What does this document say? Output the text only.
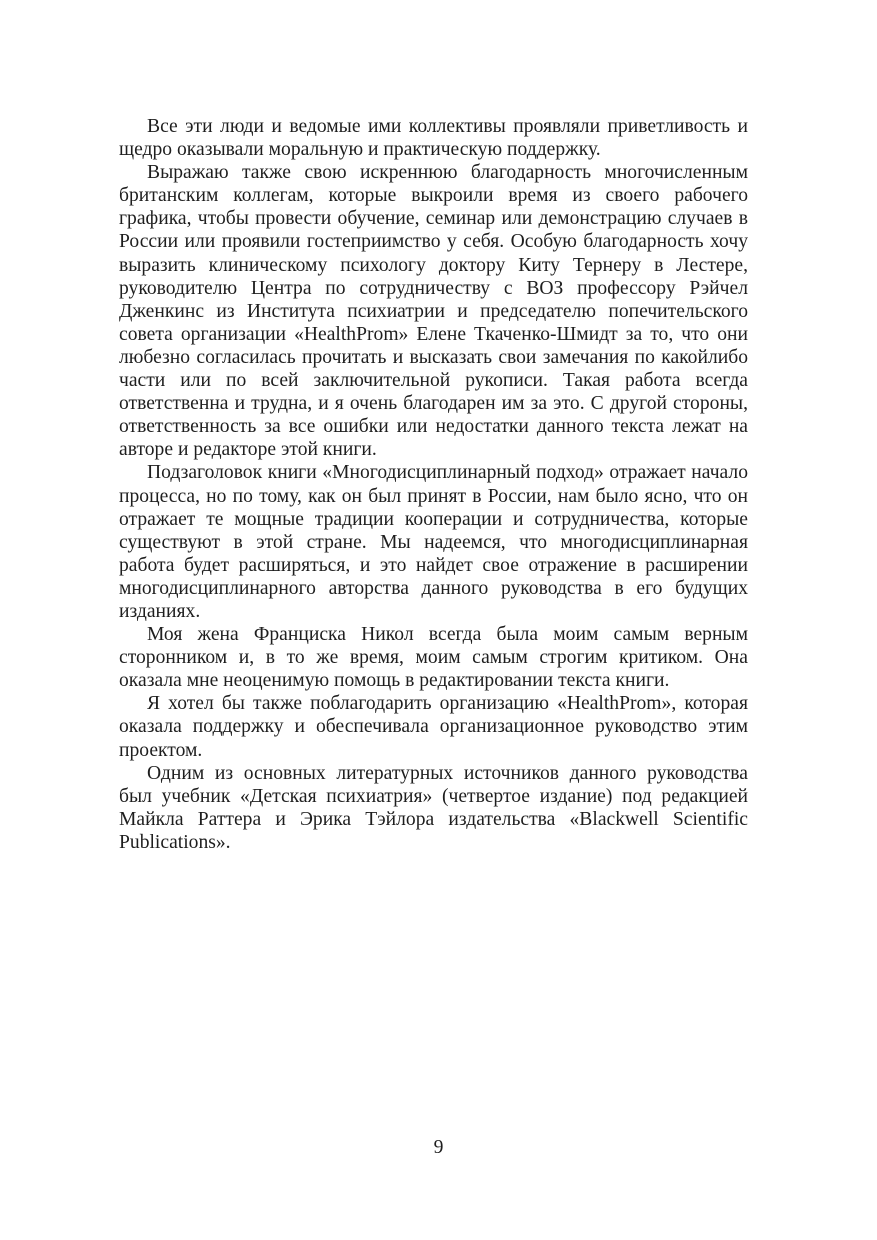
Все эти люди и ведомые ими коллективы проявляли приветливость и щедро оказывали моральную и практическую поддержку.

Выражаю также свою искреннюю благодарность многочисленным британским коллегам, которые выкроили время из своего рабочего графика, чтобы провести обучение, семинар или демонстрацию случаев в России или проявили гостеприимство у себя. Особую благодарность хочу выразить клиническому психологу доктору Киту Тернеру в Лестере, руководителю Центра по сотрудничеству с ВОЗ профессору Рэйчел Дженкинс из Института психиатрии и председателю попечительского совета организации «HealthProm» Елене Ткаченко-Шмидт за то, что они любезно согласилась прочитать и высказать свои замечания по какойлибо части или по всей заключительной рукописи. Такая работа всегда ответственна и трудна, и я очень благодарен им за это. С другой стороны, ответственность за все ошибки или недостатки данного текста лежат на авторе и редакторе этой книги.

Подзаголовок книги «Многодисциплинарный подход» отражает начало процесса, но по тому, как он был принят в России, нам было ясно, что он отражает те мощные традиции кооперации и сотрудничества, которые существуют в этой стране. Мы надеемся, что многодисциплинарная работа будет расширяться, и это найдет свое отражение в расширении многодисциплинарного авторства данного руководства в его будущих изданиях.

Моя жена Франциска Никол всегда была моим самым верным сторонником и, в то же время, моим самым строгим критиком. Она оказала мне неоценимую помощь в редактировании текста книги.

Я хотел бы также поблагодарить организацию «HealthProm», которая оказала поддержку и обеспечивала организационное руководство этим проектом.

Одним из основных литературных источников данного руководства был учебник «Детская психиатрия» (четвертое издание) под редакцией Майкла Раттера и Эрика Тэйлора издательства «Blackwell Scientific Publications».

9
